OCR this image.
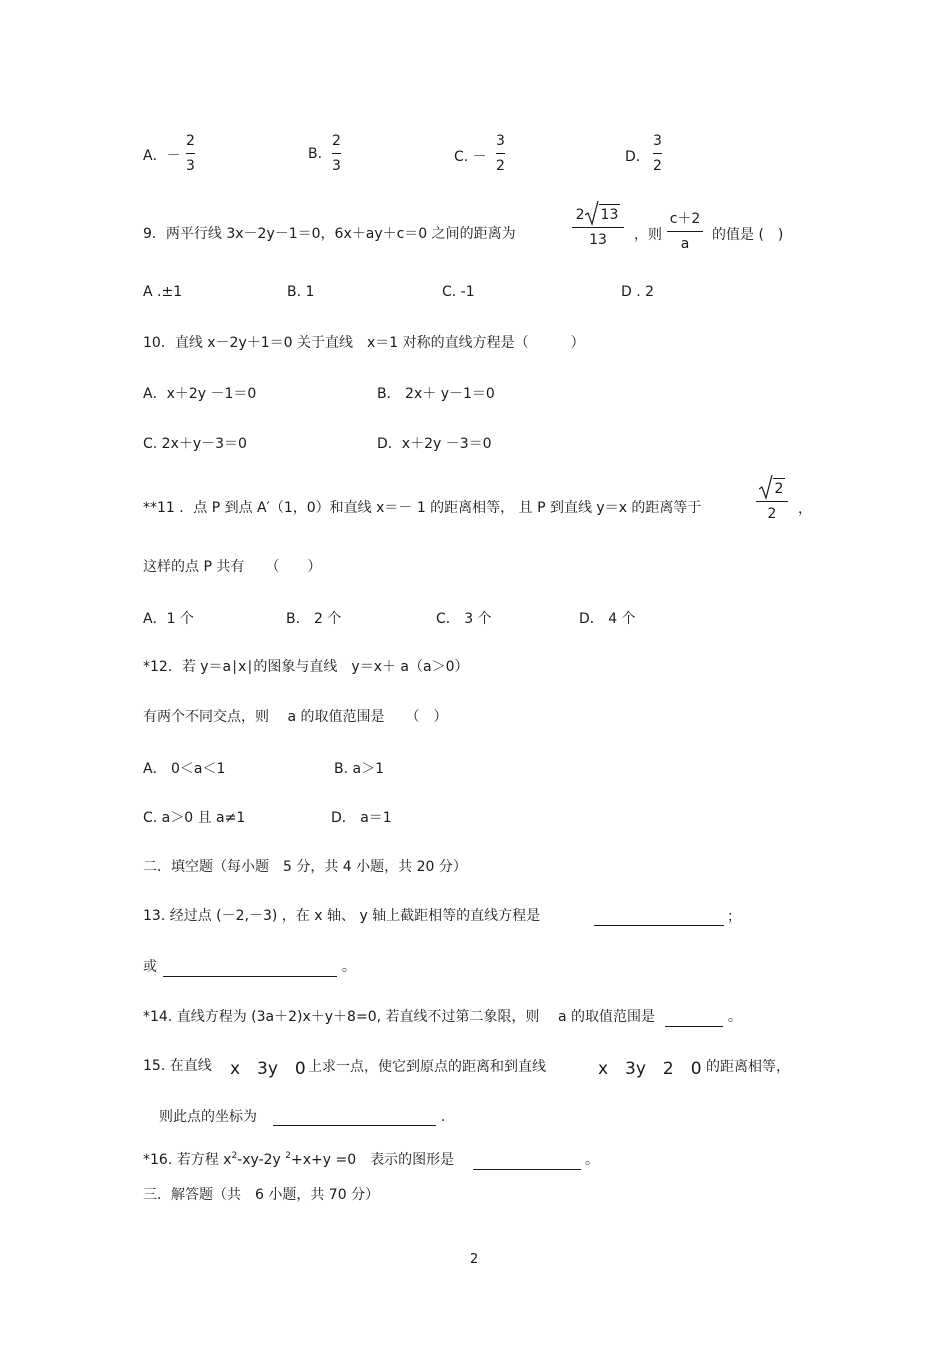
A．－
2
3
B.
2
3
C. －
3
2
D．
3
2
9．两平行线 3x－2y－1＝0，6x＋ay＋c＝0 之间的距离为
2 13
13	，则
c＋2
a
的值是 (　)
A .±1	B. 1	C. -1	D . 2
10．直线 x－2y＋1＝0 关于直线　x＝1 对称的直线方程是（　　　）
A．x＋2y －1＝0	B． 2x＋ y－1＝0
C. 2x＋y－3＝0	D．x＋2y －3＝0
**11 ．点 P 到点 A′（1，0）和直线 x＝－ 1 的距离相等， 且 P 到直线 y＝x 的距离等于
2
2	，
这样的点 P 共有　　（　　）
A．1 个	B． 2 个	C． 3 个	D． 4 个
*12．若 y＝a∣x∣的图象与直线　y＝x＋ a（a＞0）
有两个不同交点，则 　a 的取值范围是　　（　）
A． 0＜a＜1	B. a＞1
C. a＞0 且 a≠1	D． a＝1
二．填空题（每小题　5 分，共 4 小题，共 20 分）
13. 经过点 (－2,－3) ，在 x 轴、 y 轴上截距相等的直线方程是	；
或	。
*14. 直线方程为 (3a＋2)x＋y＋8=0, 若直线不过第二象限，则　 a 的取值范围是	。
15. 在直线 x　3y　0 上求一点，使它到原点的距离和到直线	x　3y　2　0 的距离相等，
则此点的坐标为	.
*16. 若方程 $x^2-xy-2y$ $^2$+x+y =0　表示的图形是	。
三．解答题（共　6 小题，共 70 分）
2
